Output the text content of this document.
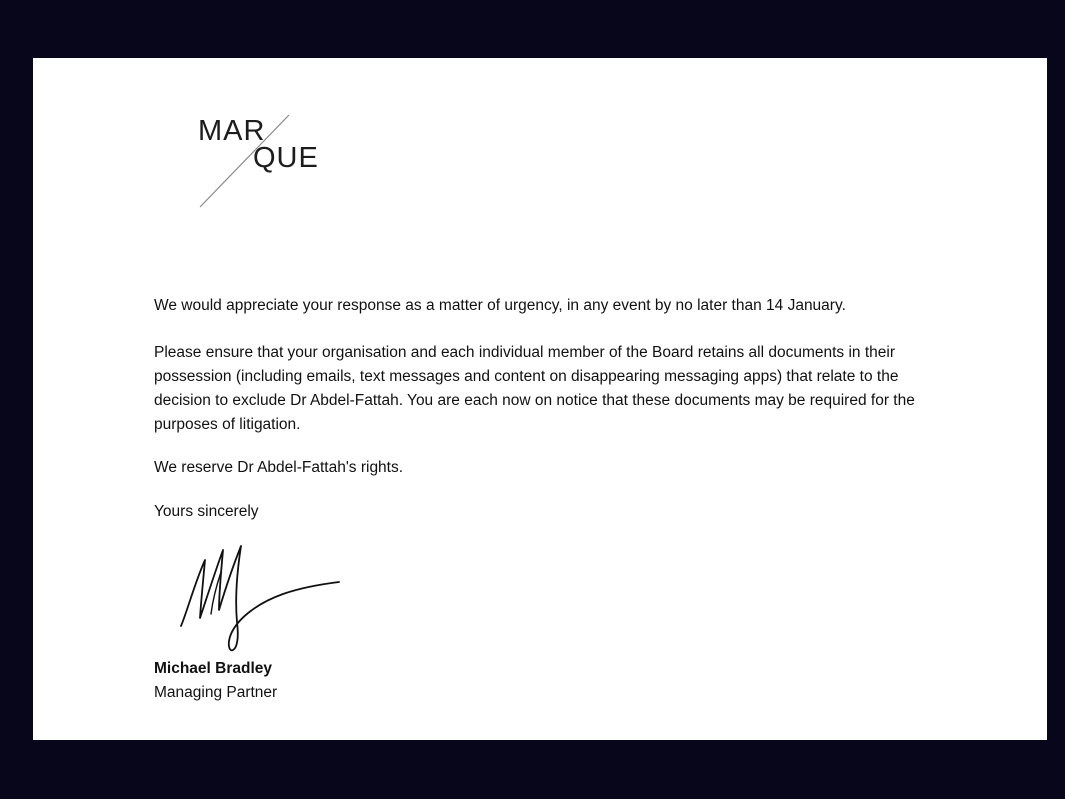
MAR
QUE
We would appreciate your response as a matter of urgency, in any event by no later than 14 January.
Please ensure that your organisation and each individual member of the Board retains all documents in their possession (including emails, text messages and content on disappearing messaging apps) that relate to the decision to exclude Dr Abdel-Fattah. You are each now on notice that these documents may be required for the purposes of litigation.
We reserve Dr Abdel-Fattah's rights.
Yours sincerely
Michael Bradley
Managing Partner
